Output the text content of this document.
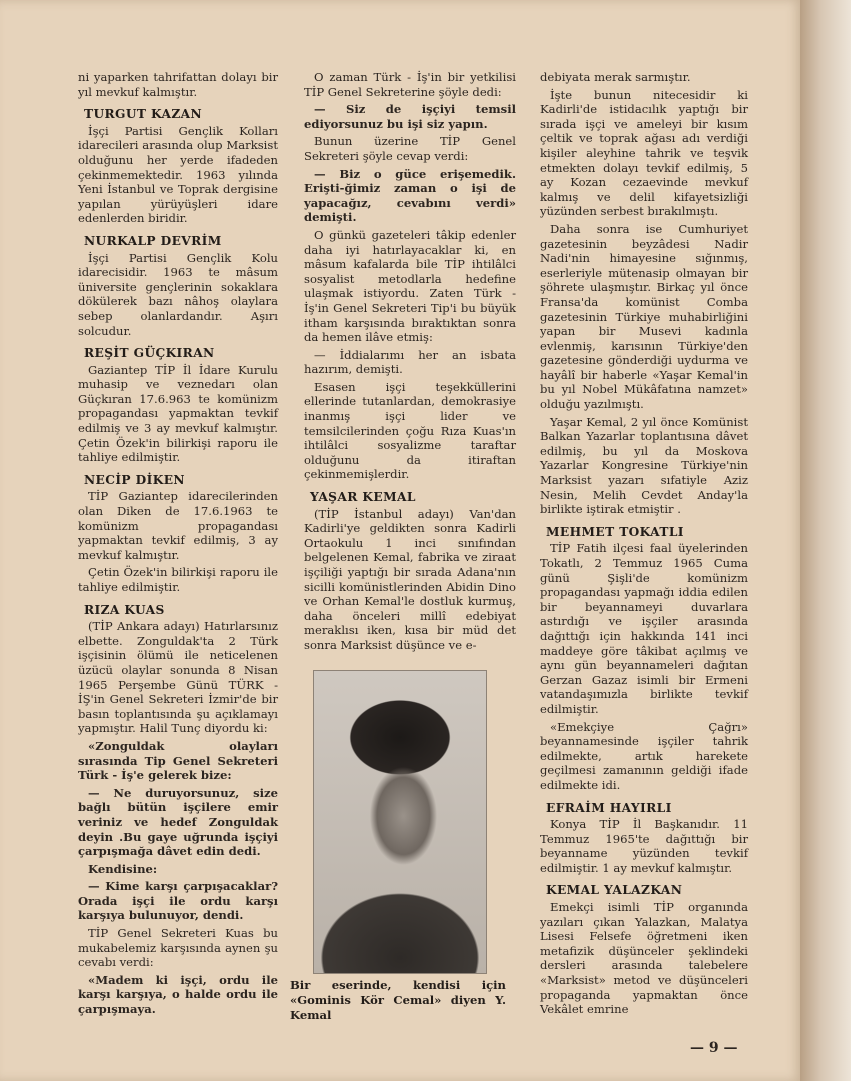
ni yaparken tahrifattan dolayı bir yıl mevkuf kalmıştır.

TURGUT KAZAN

İşçi Partisi Gençlik Kolları idarecileri arasında olup Marksist olduğunu her yerde ifadeden çekinmemektedir. 1963 yılında Yeni İstanbul ve Toprak dergisine yapılan yürüyüşleri idare edenlerden biridir.

NURKALP DEVRİM

İşçi Partisi Gençlik Kolu idarecisidir. 1963 te mâsum üniversite gençlerinin sokaklara dökülerek bazı nâhoş olaylara sebep olanlardandır. Aşırı solcudur.

REŞİT GÜÇKIRAN

Gaziantep TİP İl İdare Kurulu muhasip ve veznedarı olan Güçkıran 17.6.963 te komünizm propagandası yapmaktan tevkif edilmiş ve 3 ay mevkuf kalmıştır. Çetin Özek'in bilirkişi raporu ile tahliye edilmiştir.

NECİP DİKEN

TİP Gaziantep idarecilerinden olan Diken de 17.6.1963 te komünizm propagandası yapmaktan tevkif edilmiş, 3 ay mevkuf kalmıştır.

Çetin Özek'in bilirkişi raporu ile tahliye edilmiştir.

RIZA KUAS

(TİP Ankara adayı) Hatırlarsınız elbette. Zonguldak'ta 2 Türk işçisinin ölümü ile neticelenen üzücü olaylar sonunda 8 Nisan 1965 Perşembe Günü TÜRK - İŞ'in Genel Sekreteri İzmir'de bir basın toplantısında şu açıklamayı yapmıştır. Halil Tunç diyordu ki:

«Zonguldak olayları sırasında Tip Genel Sekreteri Türk - İş'e gelerek bize:

— Ne duruyorsunuz, size bağlı bütün işçilere emir veriniz ve hedef Zonguldak deyin .Bu gaye uğrunda işçiyi çarpışmağa dâvet edin dedi.

Kendisine:

— Kime karşı çarpışacaklar? Orada işçi ile ordu karşı karşıya bulunuyor, dendi.

TİP Genel Sekreteri Kuas bu mukabelemiz karşısında aynen şu cevabı verdi:

«Madem ki işçi, ordu ile karşı karşıya, o halde ordu ile çarpışmaya.

O zaman Türk - İş'in bir yetkilisi TİP Genel Sekreterine şöyle dedi:

— Siz de işçiyi temsil ediyorsunuz bu işi siz yapın.

Bunun üzerine TİP Genel Sekreteri şöyle cevap verdi:

— Biz o gücе erişemedik. Erişti-ğimiz zaman o işi de yapacağız, cevabını verdi» demişti.

O günkü gazeteleri tâkip edenler daha iyi hatırlayacaklar ki, en mâsum kafalarda bile TİP ihtilâlci sosyalist metodlarla hedefine ulaşmak istiyordu. Zaten Türk - İş'in Genel Sekreteri Tip'i bu büyük itham karşısında bıraktıktan sonra da hemen ilâve etmiş:

— İddialarımı her an isbata hazırım, demişti.

Esasen işçi teşekküllerini ellerinde tutanlardan, demokrasiye inanmış işçi lider ve temsilcilerinden çoğu Rıza Kuas'ın ihtilâlci sosyalizme taraftar olduğunu da itiraftan çekinmemişlerdir.

YAŞAR KEMAL

(TİP İstanbul adayı) Van'dan Kadirli'ye geldikten sonra Kadirli Ortaokulu 1 inci sınıfından belgelenen Kemal, fabrika ve ziraat işçiliği yaptığı bir sırada Adana'nın sicilli komünistlerinden Abidin Dino ve Orhan Kemal'le dostluk kurmuş, daha önceleri millî edebiyat meraklısı iken, kısa bir müd det sonra Marksist düşünce ve e-

Bir eserinde, kendisi için «Gominis Kör Cemal» diyen Y. Kemal

debiyata merak sarmıştır.

İşte bunun nitecesidir ki Kadirli'de istidacılık yaptığı bir sırada işçi ve ameleyi bir kısım çeltik ve toprak ağası adı verdiği kişiler aleyhine tahrik ve teşvik etmekten dolayı tevkif edilmiş, 5 ay Kozan cezaevinde mevkuf kalmış ve delil kifayetsizliği yüzünden serbest bırakılmıştı.

Daha sonra ise Cumhuriyet gazetesinin beyzâdesi Nadir Nadi'nin himayesine sığınmış, eserleriyle mütenasip olmayan bir şöhrete ulaşmıştır. Birkaç yıl önce Fransa'da komünist Comba gazetesinin Türkiye muhabirliğini yapan bir Musevi kadınla evlenmiş, karısının Türkiye'den gazetesine gönderdiği uydurma ve hayâlî bir haberle «Yaşar Kemal'in bu yıl Nobel Mükâfatına namzet» olduğu yazılmıştı.

Yaşar Kemal, 2 yıl önce Komünist Balkan Yazarlar toplantısına dâvet edilmiş, bu yıl da Moskova Yazarlar Kongresine Türkiye'nin Marksist yazarı sıfatiyle Aziz Nesin, Melih Cevdet Anday'la birlikte iştirak etmiştir .

MEHMET TOKATLI

TİP Fatih ilçesi faal üyelerinden Tokatlı, 2 Temmuz 1965 Cuma günü Şişli'de komünizm propagandası yapmağı iddia edilen bir beyannameyi duvarlara astırdığı ve işçiler arasında dağıttığı için hakkında 141 inci maddeye göre tâkibat açılmış ve aynı gün beyannameleri dağıtan Gerzan Gazaz isimli bir Ermeni vatandaşımızla birlikte tevkif edilmiştir.

«Emekçiye Çağrı» beyannamesinde işçiler tahrik edilmekte, artık harekete geçilmesi zamanının geldiği ifade edilmekte idi.

EFRAİM HAYIRLI

Konya TİP İl Başkanıdır. 11 Temmuz 1965'te dağıttığı bir beyanname yüzünden tevkif edilmiştir. 1 ay mevkuf kalmıştır.

KEMAL YALAZKAN

Emekçi isimli TİP organında yazıları çıkan Yalazkan, Malatya Lisesi Felsefe öğretmeni iken metafizik düşünceler şeklindeki dersleri arasında talebelere «Marksist» metod ve düşünceleri propaganda yapmaktan önce Vekâlet emrine

— 9 —
